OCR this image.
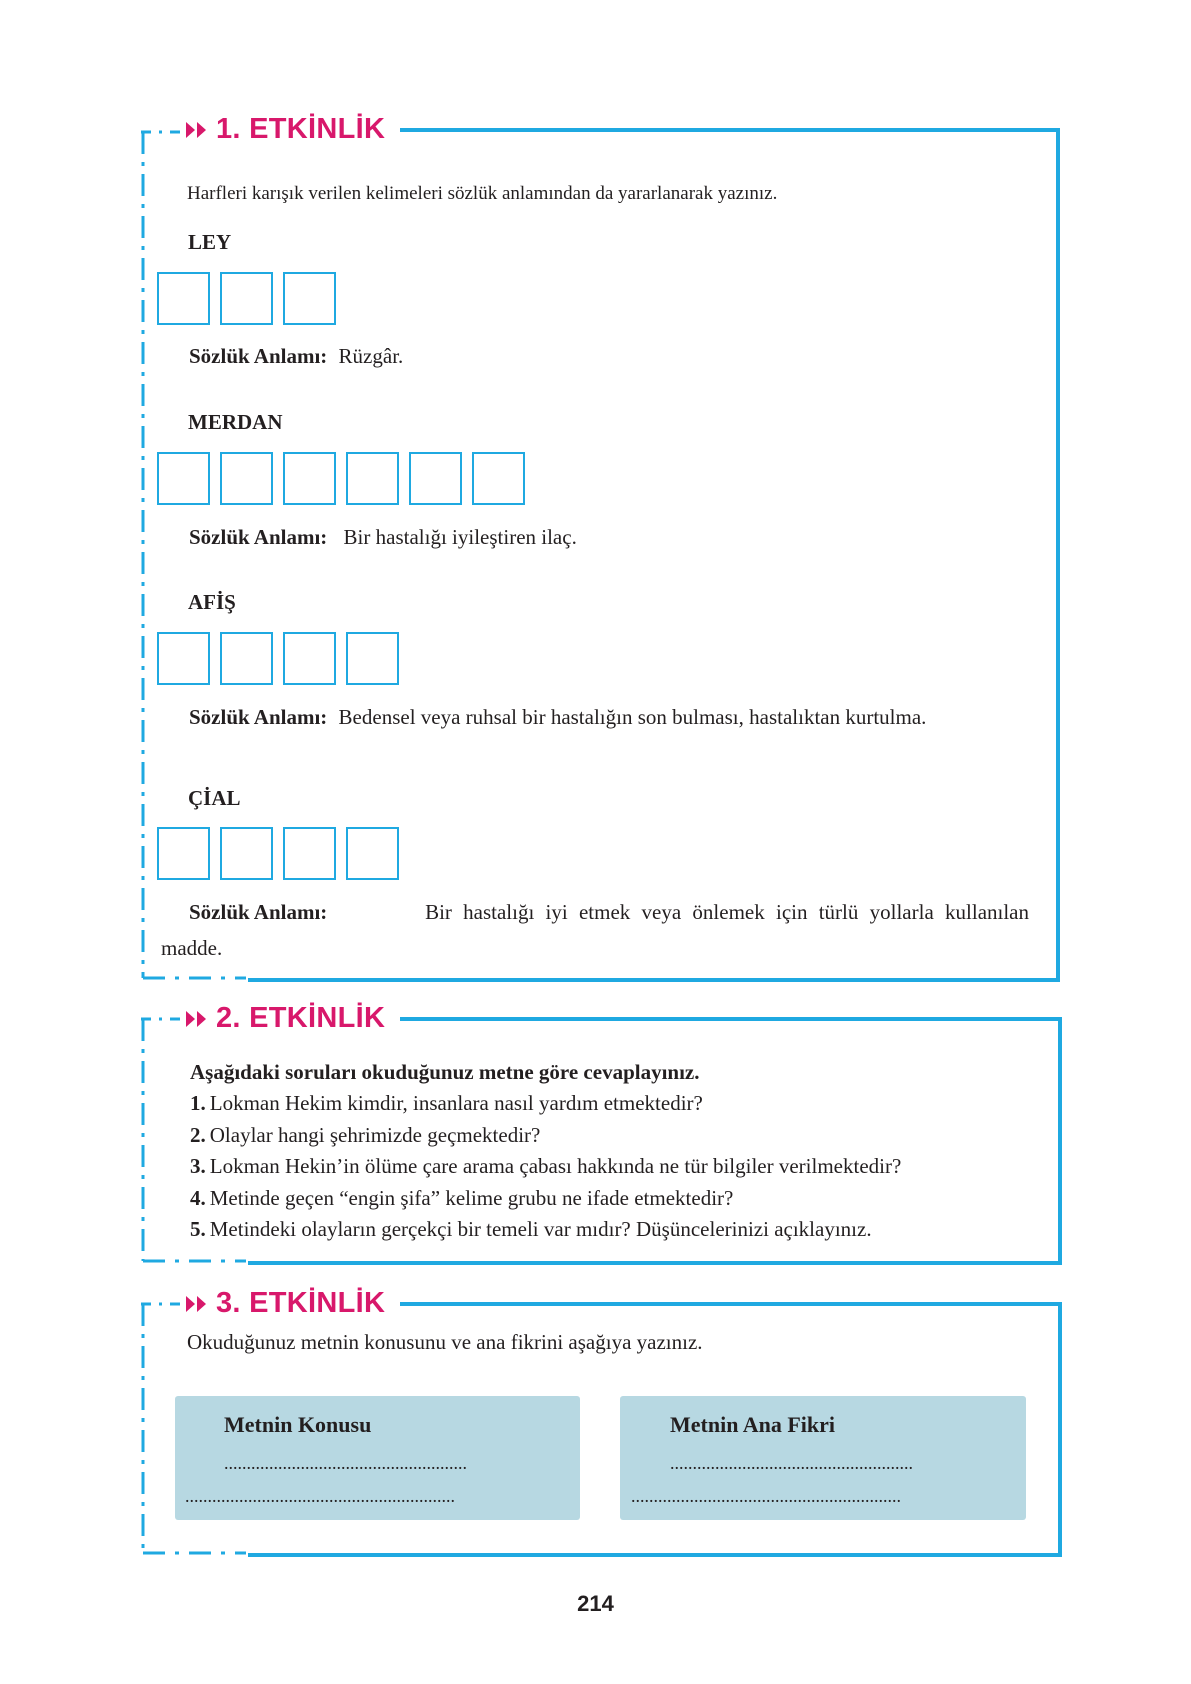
1. ETKİNLİK
Harfleri karışık verilen kelimeleri sözlük anlamından da yararlanarak yazınız.
LEY
Sözlük Anlamı: Rüzgâr.
MERDAN
Sözlük Anlamı: Bir hastalığı iyileştiren ilaç.
AFİŞ
Sözlük Anlamı: Bedensel veya ruhsal bir hastalığın son bulması, hastalıktan kurtulma.
ÇİAL
Sözlük Anlamı:	Bir hastalığı iyi etmek veya önlemek için türlü yollarla kullanılan
madde.
2. ETKİNLİK
Aşağıdaki soruları okuduğunuz metne göre cevaplayınız.
1. Lokman Hekim kimdir, insanlara nasıl yardım etmektedir?
2. Olaylar hangi şehrimizde geçmektedir?
3. Lokman Hekin’in ölüme çare arama çabası hakkında ne tür bilgiler verilmektedir?
4. Metinde geçen “engin şifa” kelime grubu ne ifade etmektedir?
5. Metindeki olayların gerçekçi bir temeli var mıdır? Düşüncelerinizi açıklayınız.
3. ETKİNLİK
Okuduğunuz metnin konusunu ve ana fikrini aşağıya yazınız.
Metnin Konusu
......................................................
............................................................
Metnin Ana Fikri
......................................................
............................................................
214
